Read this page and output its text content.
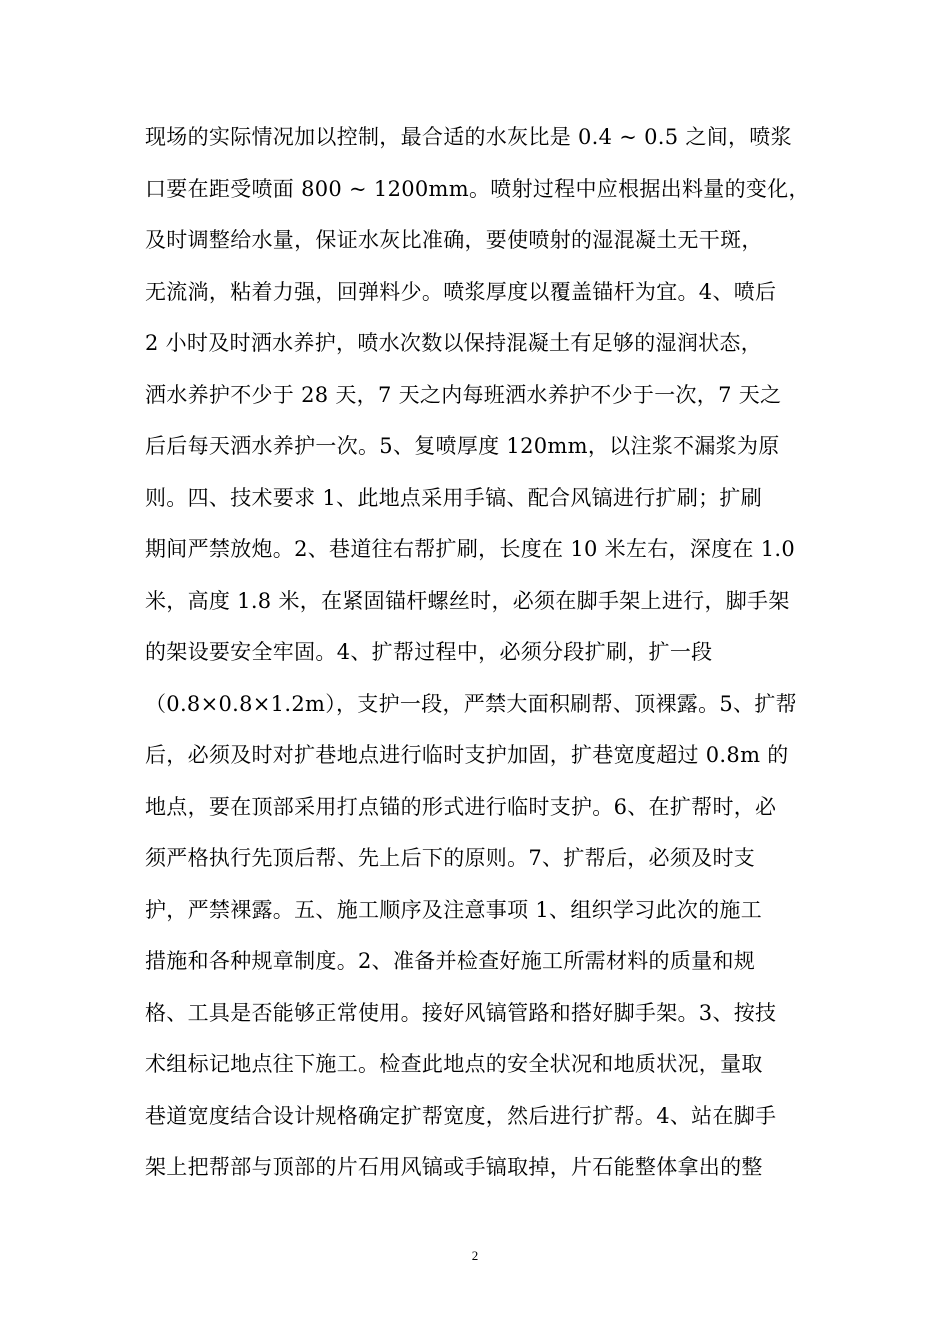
现场的实际情况加以控制，最合适的水灰比是 0.4 ~ 0.5 之间，喷浆
口要在距受喷面 800 ~ 1200mm。喷射过程中应根据出料量的变化，
及时调整给水量，保证水灰比准确，要使喷射的湿混凝土无干斑，
无流淌，粘着力强，回弹料少。喷浆厚度以覆盖锚杆为宜。4、喷后
2 小时及时洒水养护，喷水次数以保持混凝土有足够的湿润状态，
洒水养护不少于 28 天，7 天之内每班洒水养护不少于一次，7 天之
后后每天洒水养护一次。5、复喷厚度 120mm，以注浆不漏浆为原
则。四、技术要求 1、此地点采用手镐、配合风镐进行扩刷；扩刷
期间严禁放炮。2、巷道往右帮扩刷，长度在 10 米左右，深度在 1.0
米，高度 1.8 米，在紧固锚杆螺丝时，必须在脚手架上进行，脚手架
的架设要安全牢固。4、扩帮过程中，必须分段扩刷，扩一段
（0.8×0.8×1.2m），支护一段，严禁大面积刷帮、顶裸露。5、扩帮
后，必须及时对扩巷地点进行临时支护加固，扩巷宽度超过 0.8m 的
地点，要在顶部采用打点锚的形式进行临时支护。6、在扩帮时，必
须严格执行先顶后帮、先上后下的原则。7、扩帮后，必须及时支
护，严禁裸露。五、施工顺序及注意事项 1、组织学习此次的施工
措施和各种规章制度。2、准备并检查好施工所需材料的质量和规
格、工具是否能够正常使用。接好风镐管路和搭好脚手架。3、按技
术组标记地点往下施工。检查此地点的安全状况和地质状况，量取
巷道宽度结合设计规格确定扩帮宽度，然后进行扩帮。4、站在脚手
架上把帮部与顶部的片石用风镐或手镐取掉，片石能整体拿出的整
2
